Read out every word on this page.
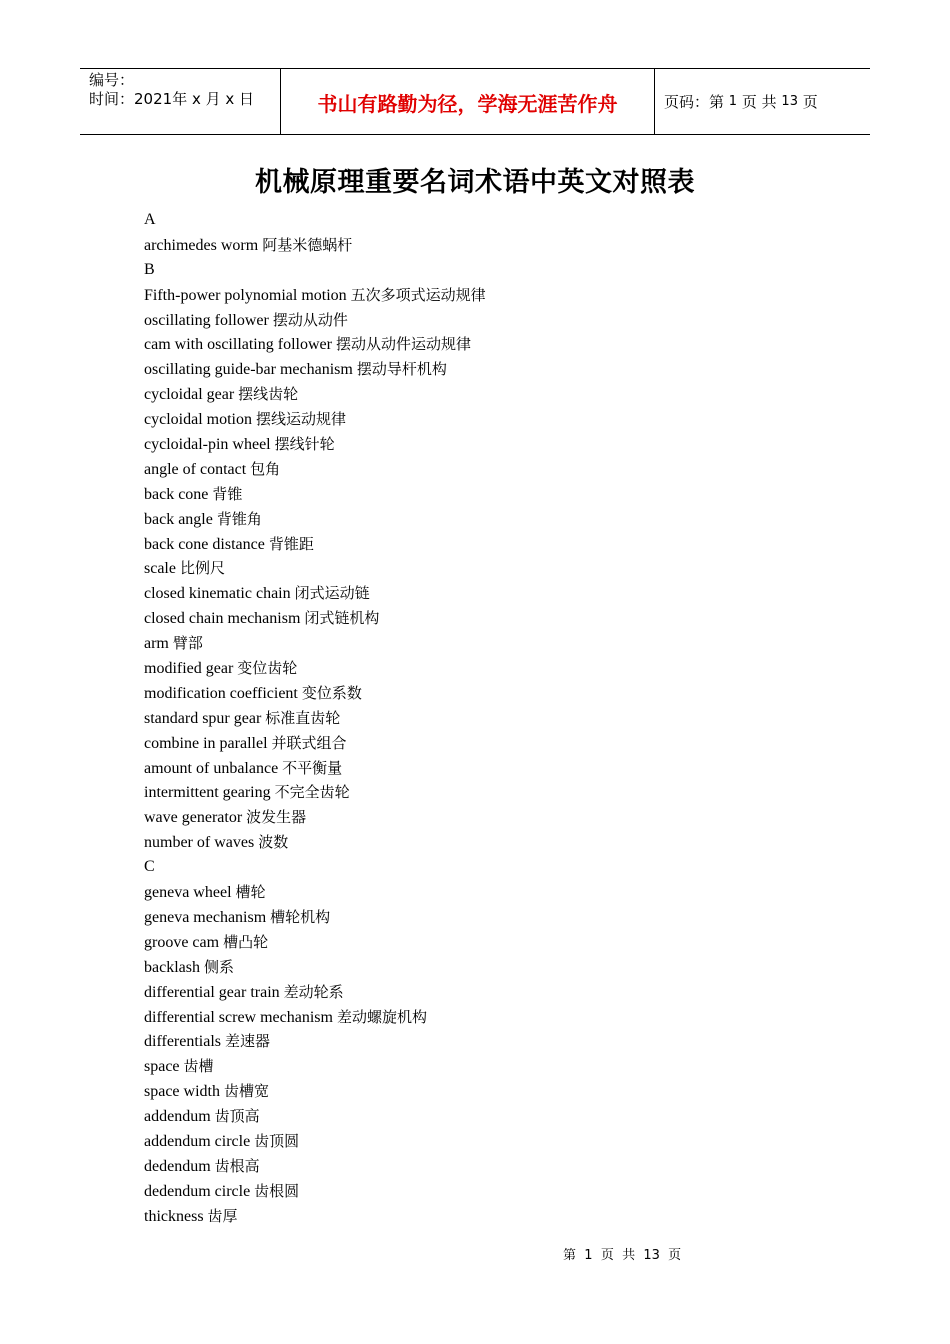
编号：
时间：2021年 x 月 x 日	书山有路勤为径，学海无涯苦作舟	页码：第
1
页 共
13
页
机械原理重要名词术语中英文对照表
A
archimedes worm 阿基米德蜗杆
B
Fifth-power polynomial motion 五次多项式运动规律
oscillating follower 摆动从动件
cam with oscillating follower 摆动从动件运动规律
oscillating guide-bar mechanism 摆动导杆机构
cycloidal gear 摆线齿轮
cycloidal motion 摆线运动规律
cycloidal-pin wheel 摆线针轮
angle of contact 包角
back cone 背锥
back angle 背锥角
back cone distance 背锥距
scale 比例尺
closed kinematic chain 闭式运动链
closed chain mechanism 闭式链机构
arm 臂部
modified gear 变位齿轮
modification coefficient 变位系数
standard spur gear 标准直齿轮
combine in parallel 并联式组合
amount of unbalance 不平衡量
intermittent gearing 不完全齿轮
wave generator 波发生器
number of waves 波数
C
geneva wheel 槽轮
geneva mechanism 槽轮机构
groove cam 槽凸轮
backlash 侧系
differential gear train 差动轮系
differential screw mechanism 差动螺旋机构
differentials 差速器
space 齿槽
space width 齿槽宽
addendum 齿顶高
addendum circle 齿顶圆
dedendum 齿根高
dedendum circle 齿根圆
thickness 齿厚
第 1 页  共 13 页
